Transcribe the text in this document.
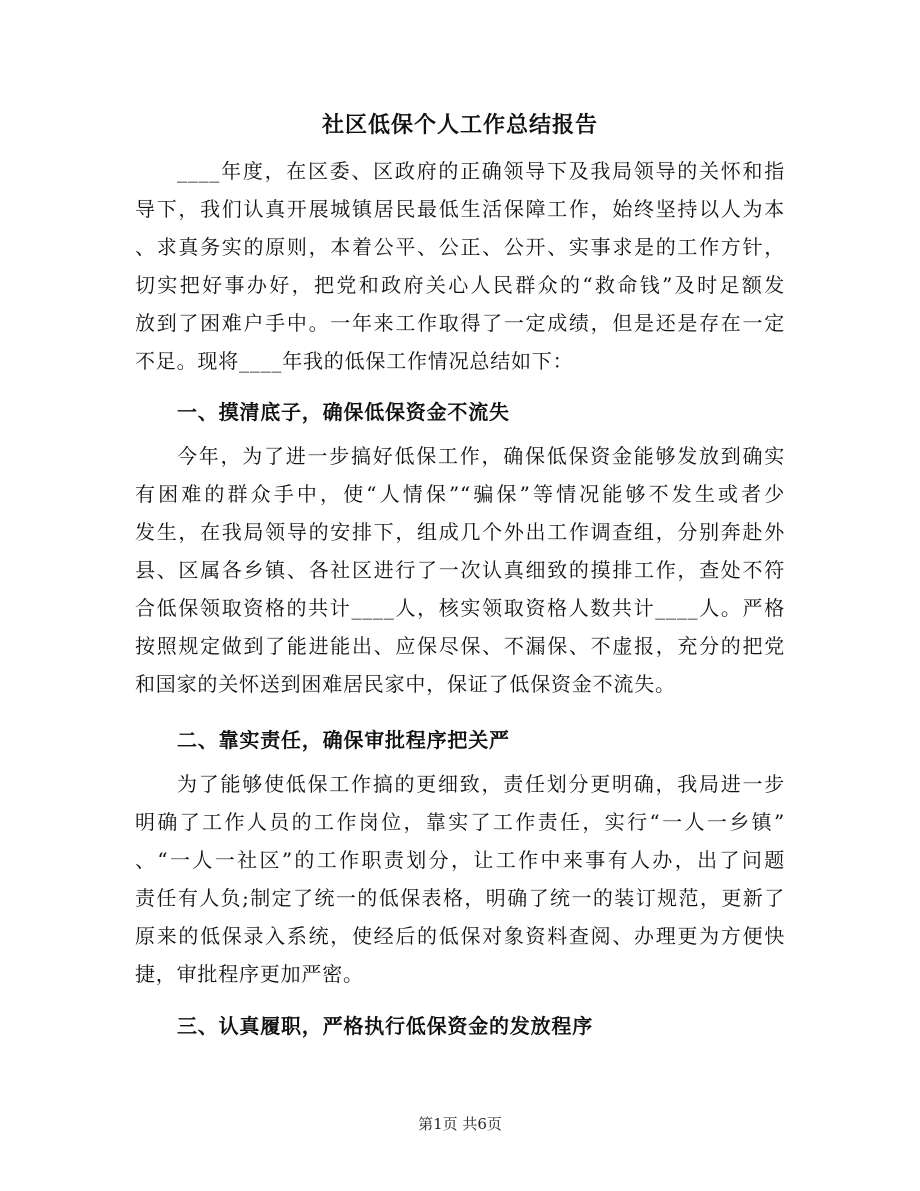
社区低保个人工作总结报告
____年度，在区委、区政府的正确领导下及我局领导的关怀和指
导下，我们认真开展城镇居民最低生活保障工作，始终坚持以人为本
、求真务实的原则，本着公平、公正、公开、实事求是的工作方针，
切实把好事办好，把党和政府关心人民群众的“救命钱”及时足额发
放到了困难户手中。一年来工作取得了一定成绩，但是还是存在一定
不足。现将____年我的低保工作情况总结如下：
一、摸清底子，确保低保资金不流失
今年，为了进一步搞好低保工作，确保低保资金能够发放到确实
有困难的群众手中，使“人情保”“骗保”等情况能够不发生或者少
发生，在我局领导的安排下，组成几个外出工作调查组，分别奔赴外
县、区属各乡镇、各社区进行了一次认真细致的摸排工作，查处不符
合低保领取资格的共计____人，核实领取资格人数共计____人。严格
按照规定做到了能进能出、应保尽保、不漏保、不虚报，充分的把党
和国家的关怀送到困难居民家中，保证了低保资金不流失。
二、靠实责任，确保审批程序把关严
为了能够使低保工作搞的更细致，责任划分更明确，我局进一步
明确了工作人员的工作岗位，靠实了工作责任，实行“一人一乡镇”
、“一人一社区”的工作职责划分，让工作中来事有人办，出了问题
责任有人负;制定了统一的低保表格，明确了统一的装订规范，更新了
原来的低保录入系统，使经后的低保对象资料查阅、办理更为方便快
捷，审批程序更加严密。
三、认真履职，严格执行低保资金的发放程序
第1页 共6页
